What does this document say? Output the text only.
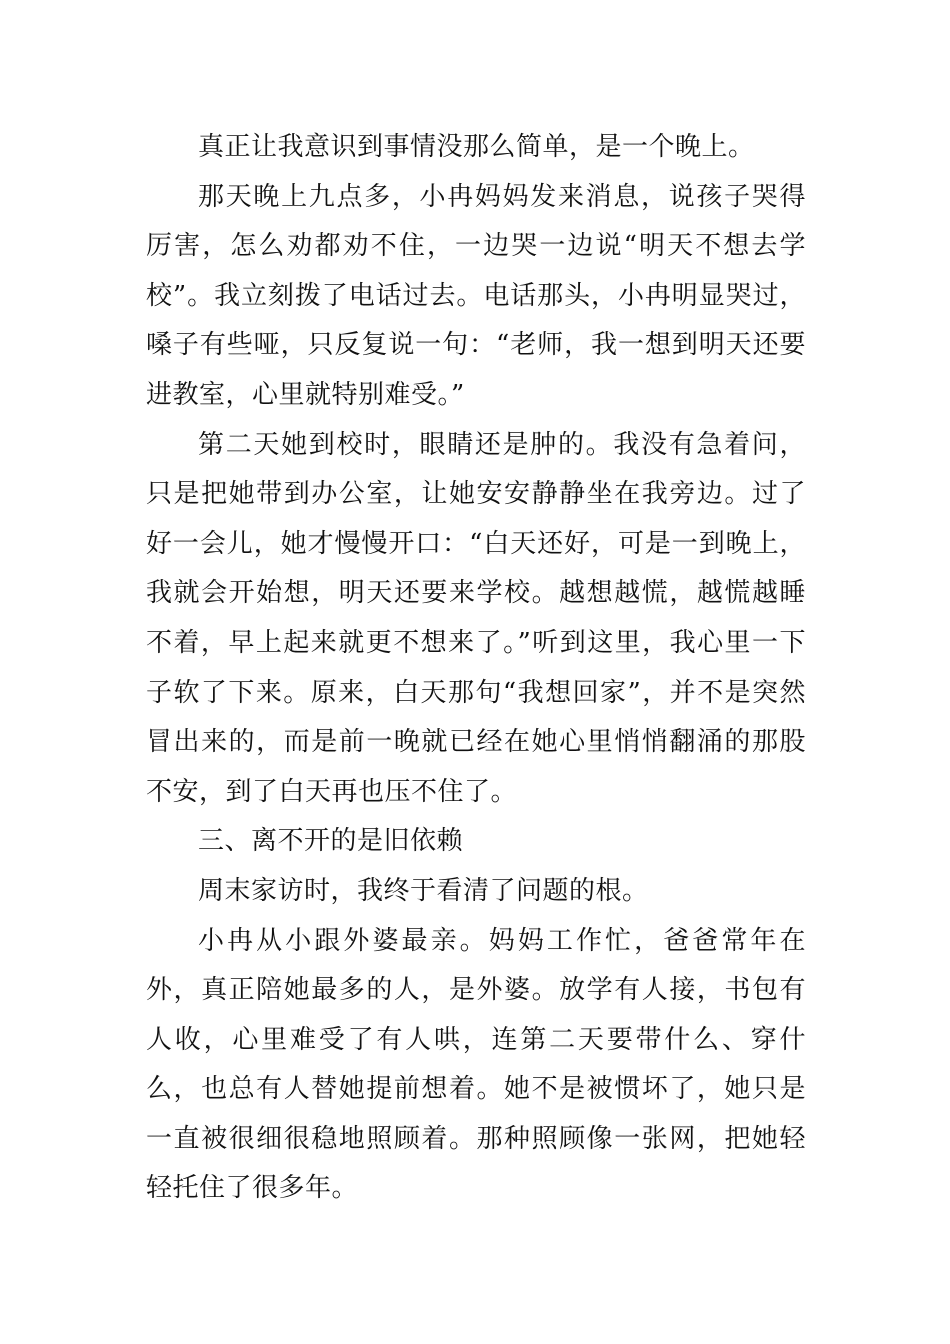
真正让我意识到事情没那么简单，是一个晚上。

那天晚上九点多，小冉妈妈发来消息，说孩子哭得厉害，怎么劝都劝不住，一边哭一边说“明天不想去学校”。我立刻拨了电话过去。电话那头，小冉明显哭过，嗓子有些哑，只反复说一句：“老师，我一想到明天还要进教室，心里就特别难受。”

第二天她到校时，眼睛还是肿的。我没有急着问，只是把她带到办公室，让她安安静静坐在我旁边。过了好一会儿，她才慢慢开口：“白天还好，可是一到晚上，我就会开始想，明天还要来学校。越想越慌，越慌越睡不着，早上起来就更不想来了。”听到这里，我心里一下子软了下来。原来，白天那句“我想回家”，并不是突然冒出来的，而是前一晚就已经在她心里悄悄翻涌的那股不安，到了白天再也压不住了。

三、离不开的是旧依赖

周末家访时，我终于看清了问题的根。

小冉从小跟外婆最亲。妈妈工作忙，爸爸常年在外，真正陪她最多的人，是外婆。放学有人接，书包有人收，心里难受了有人哄，连第二天要带什么、穿什么，也总有人替她提前想着。她不是被惯坏了，她只是一直被很细很稳地照顾着。那种照顾像一张网，把她轻轻托住了很多年。
